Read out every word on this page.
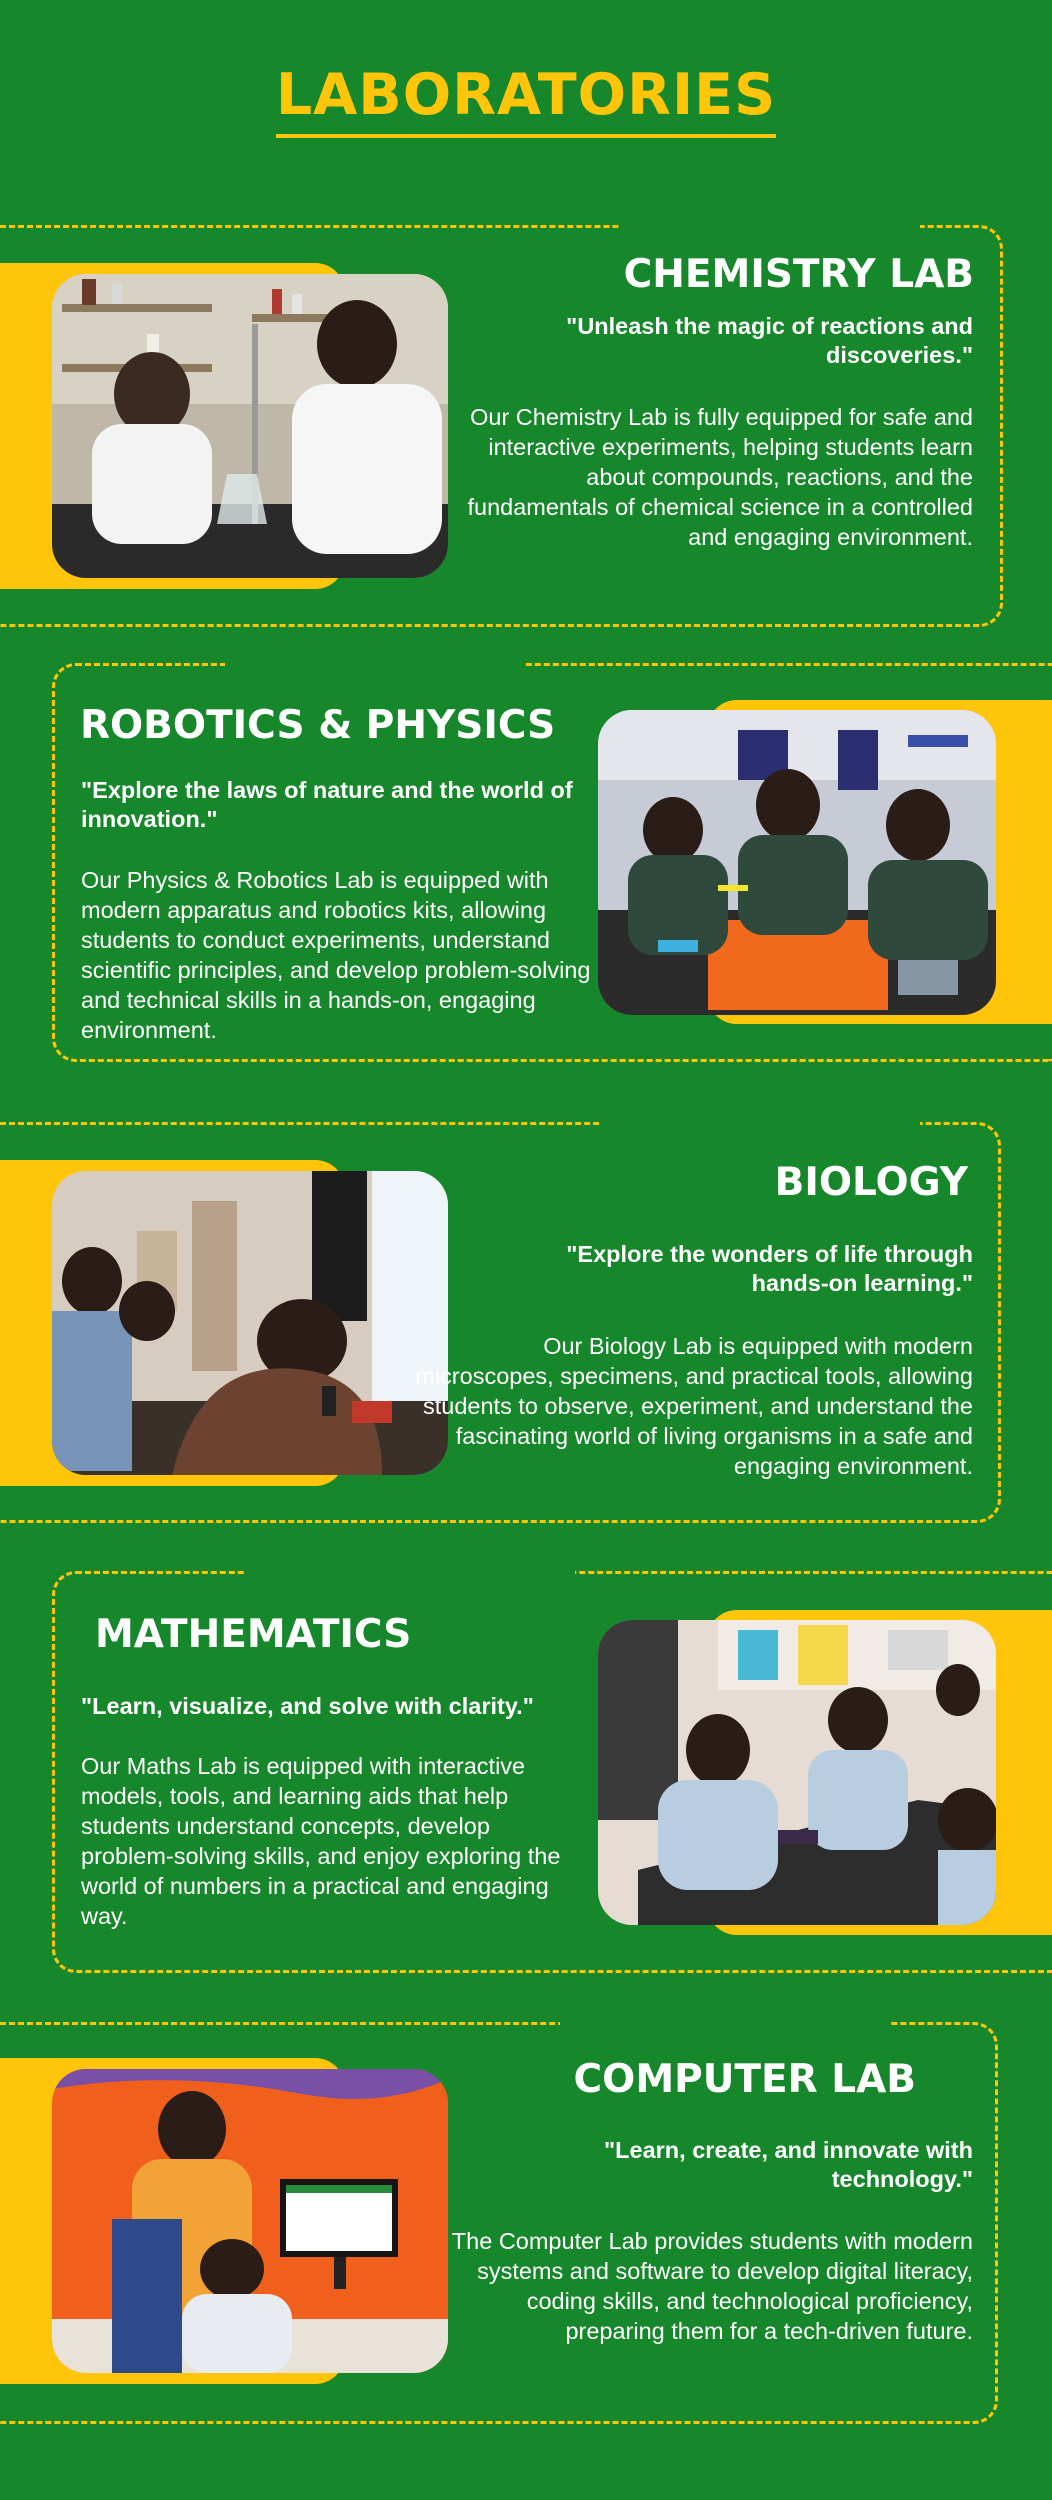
LABORATORIES
CHEMISTRY LAB
"Unleash the magic of reactions and discoveries."
Our Chemistry Lab is fully equipped for safe and interactive experiments, helping students learn about compounds, reactions, and the fundamentals of chemical science in a controlled and engaging environment.
ROBOTICS & PHYSICS
"Explore the laws of nature and the world of innovation."
Our Physics & Robotics Lab is equipped with modern apparatus and robotics kits, allowing students to conduct experiments, understand scientific principles, and develop problem-solving and technical skills in a hands-on, engaging environment.
BIOLOGY
"Explore the wonders of life through hands-on learning."
Our Biology Lab is equipped with modern microscopes, specimens, and practical tools, allowing students to observe, experiment, and understand the fascinating world of living organisms in a safe and engaging environment.
MATHEMATICS
"Learn, visualize, and solve with clarity."
Our Maths Lab is equipped with interactive models, tools, and learning aids that help students understand concepts, develop problem-solving skills, and enjoy exploring the world of numbers in a practical and engaging way.
COMPUTER LAB
"Learn, create, and innovate with technology."
The Computer Lab provides students with modern systems and software to develop digital literacy, coding skills, and technological proficiency, preparing them for a tech-driven future.
